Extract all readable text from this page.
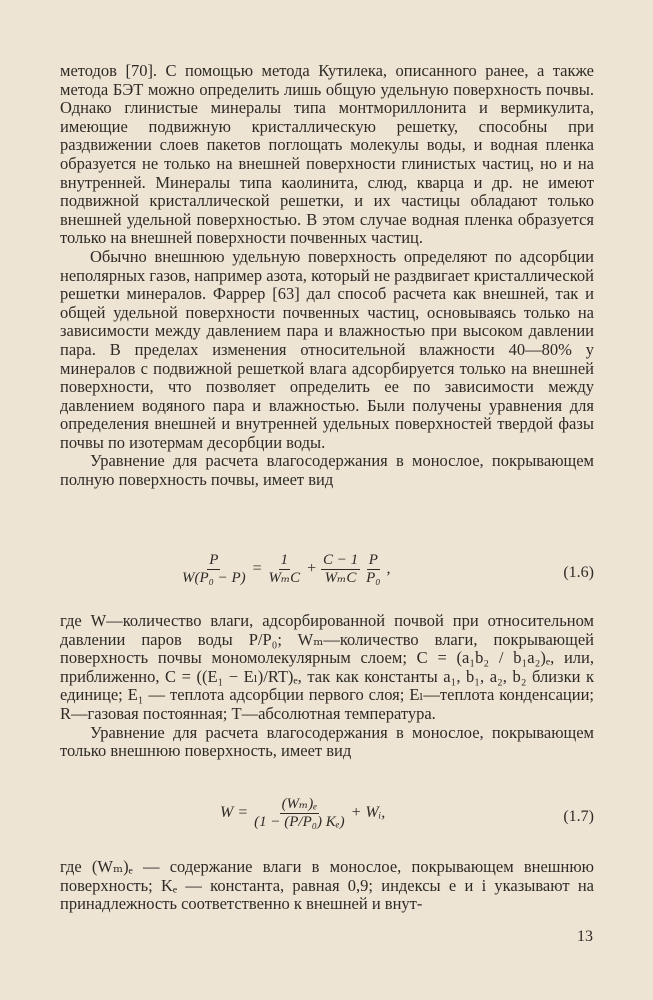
методов [70]. С помощью метода Кутилека, описанного ранее, а также метода БЭТ можно определить лишь общую удельную поверхность почвы. Однако глинистые минералы типа монтмориллонита и вермикулита, имеющие подвижную кристаллическую решетку, способны при раздвижении слоев пакетов поглощать молекулы воды, и водная пленка образуется не только на внешней поверхности глинистых частиц, но и на внутренней. Минералы типа каолинита, слюд, кварца и др. не имеют подвижной кристаллической решетки, и их частицы обладают только внешней удельной поверхностью. В этом случае водная пленка образуется только на внешней поверхности почвенных частиц.

Обычно внешнюю удельную поверхность определяют по адсорбции неполярных газов, например азота, который не раздвигает кристаллической решетки минералов. Фаррер [63] дал способ расчета как внешней, так и общей удельной поверхности почвенных частиц, основываясь только на зависимости между давлением пара и влажностью при высоком давлении пара. В пределах изменения относительной влажности 40—80% у минералов с подвижной решеткой влага адсорбируется только на внешней поверхности, что позволяет определить ее по зависимости между давлением водяного пара и влажностью. Были получены уравнения для определения внешней и внутренней удельных поверхностей твердой фазы почвы по изотермам десорбции воды.

Уравнение для расчета влагосодержания в монослое, покрывающем полную поверхность почвы, имеет вид

$\frac{P}{\text{W(P₀ − P)}} = \frac{1}{\text{WₘC}} + \frac{C - 1}{\text{WₘC}}$
$\frac{P}{\text{P₀}}$ ,	(1.6)

где W—количество влаги, адсорбированной почвой при относительном давлении паров воды P/P₀; Wₘ—количество влаги, покрывающей поверхность почвы мономолекулярным слоем; C = (a₁b₂ / b₁a₂)ₑ, или, приближенно, C = ((E₁ − Eₗ)/RT)ₑ, так как константы a₁, b₁, a₂, b₂ близки к единице; E₁ — теплота адсорбции первого слоя; Eₗ—теплота конденсации; R—газовая постоянная; T—абсолютная температура.

Уравнение для расчета влагосодержания в монослое, покрывающем только внешнюю поверхность, имеет вид

$W = \frac{\text{(Wₘ)ₑ}}{\text{(1 − (P/P₀) Kₑ)}}$ + Wᵢ,	(1.7)

где (Wₘ)ₑ — содержание влаги в монослое, покрывающем внешнюю поверхность; Kₑ — константа, равная 0,9; индексы e и i указывают на принадлежность соответственно к внешней и внут-

13
